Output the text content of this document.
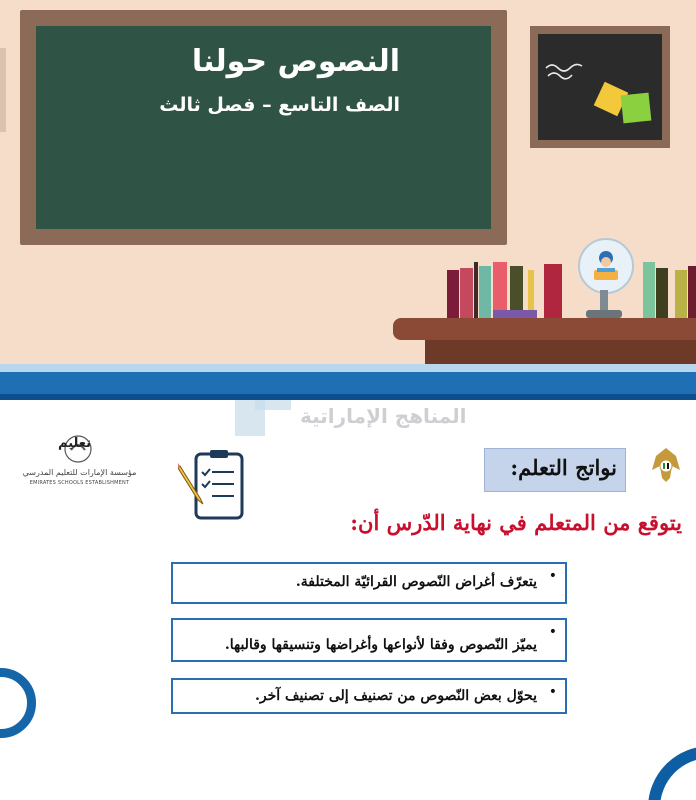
النصوص حولنا
الصف التاسع – فصل ثالث
المناهج الإماراتية
نواتج التعلم:
تعليم
مؤسسة الإمارات للتعليم المدرسي
EMIRATES SCHOOLS ESTABLISHMENT
يتوقع من المتعلم في نهاية الدّرس أن:
•
يتعرّف أغراض النّصوص القرائيّة المختلفة.
•
يميّز النّصوص وفقا لأنواعها وأغراضها وتنسيقها وقالبها.
•
يحوّل بعض النّصوص من تصنيف إلى تصنيف آخر.
